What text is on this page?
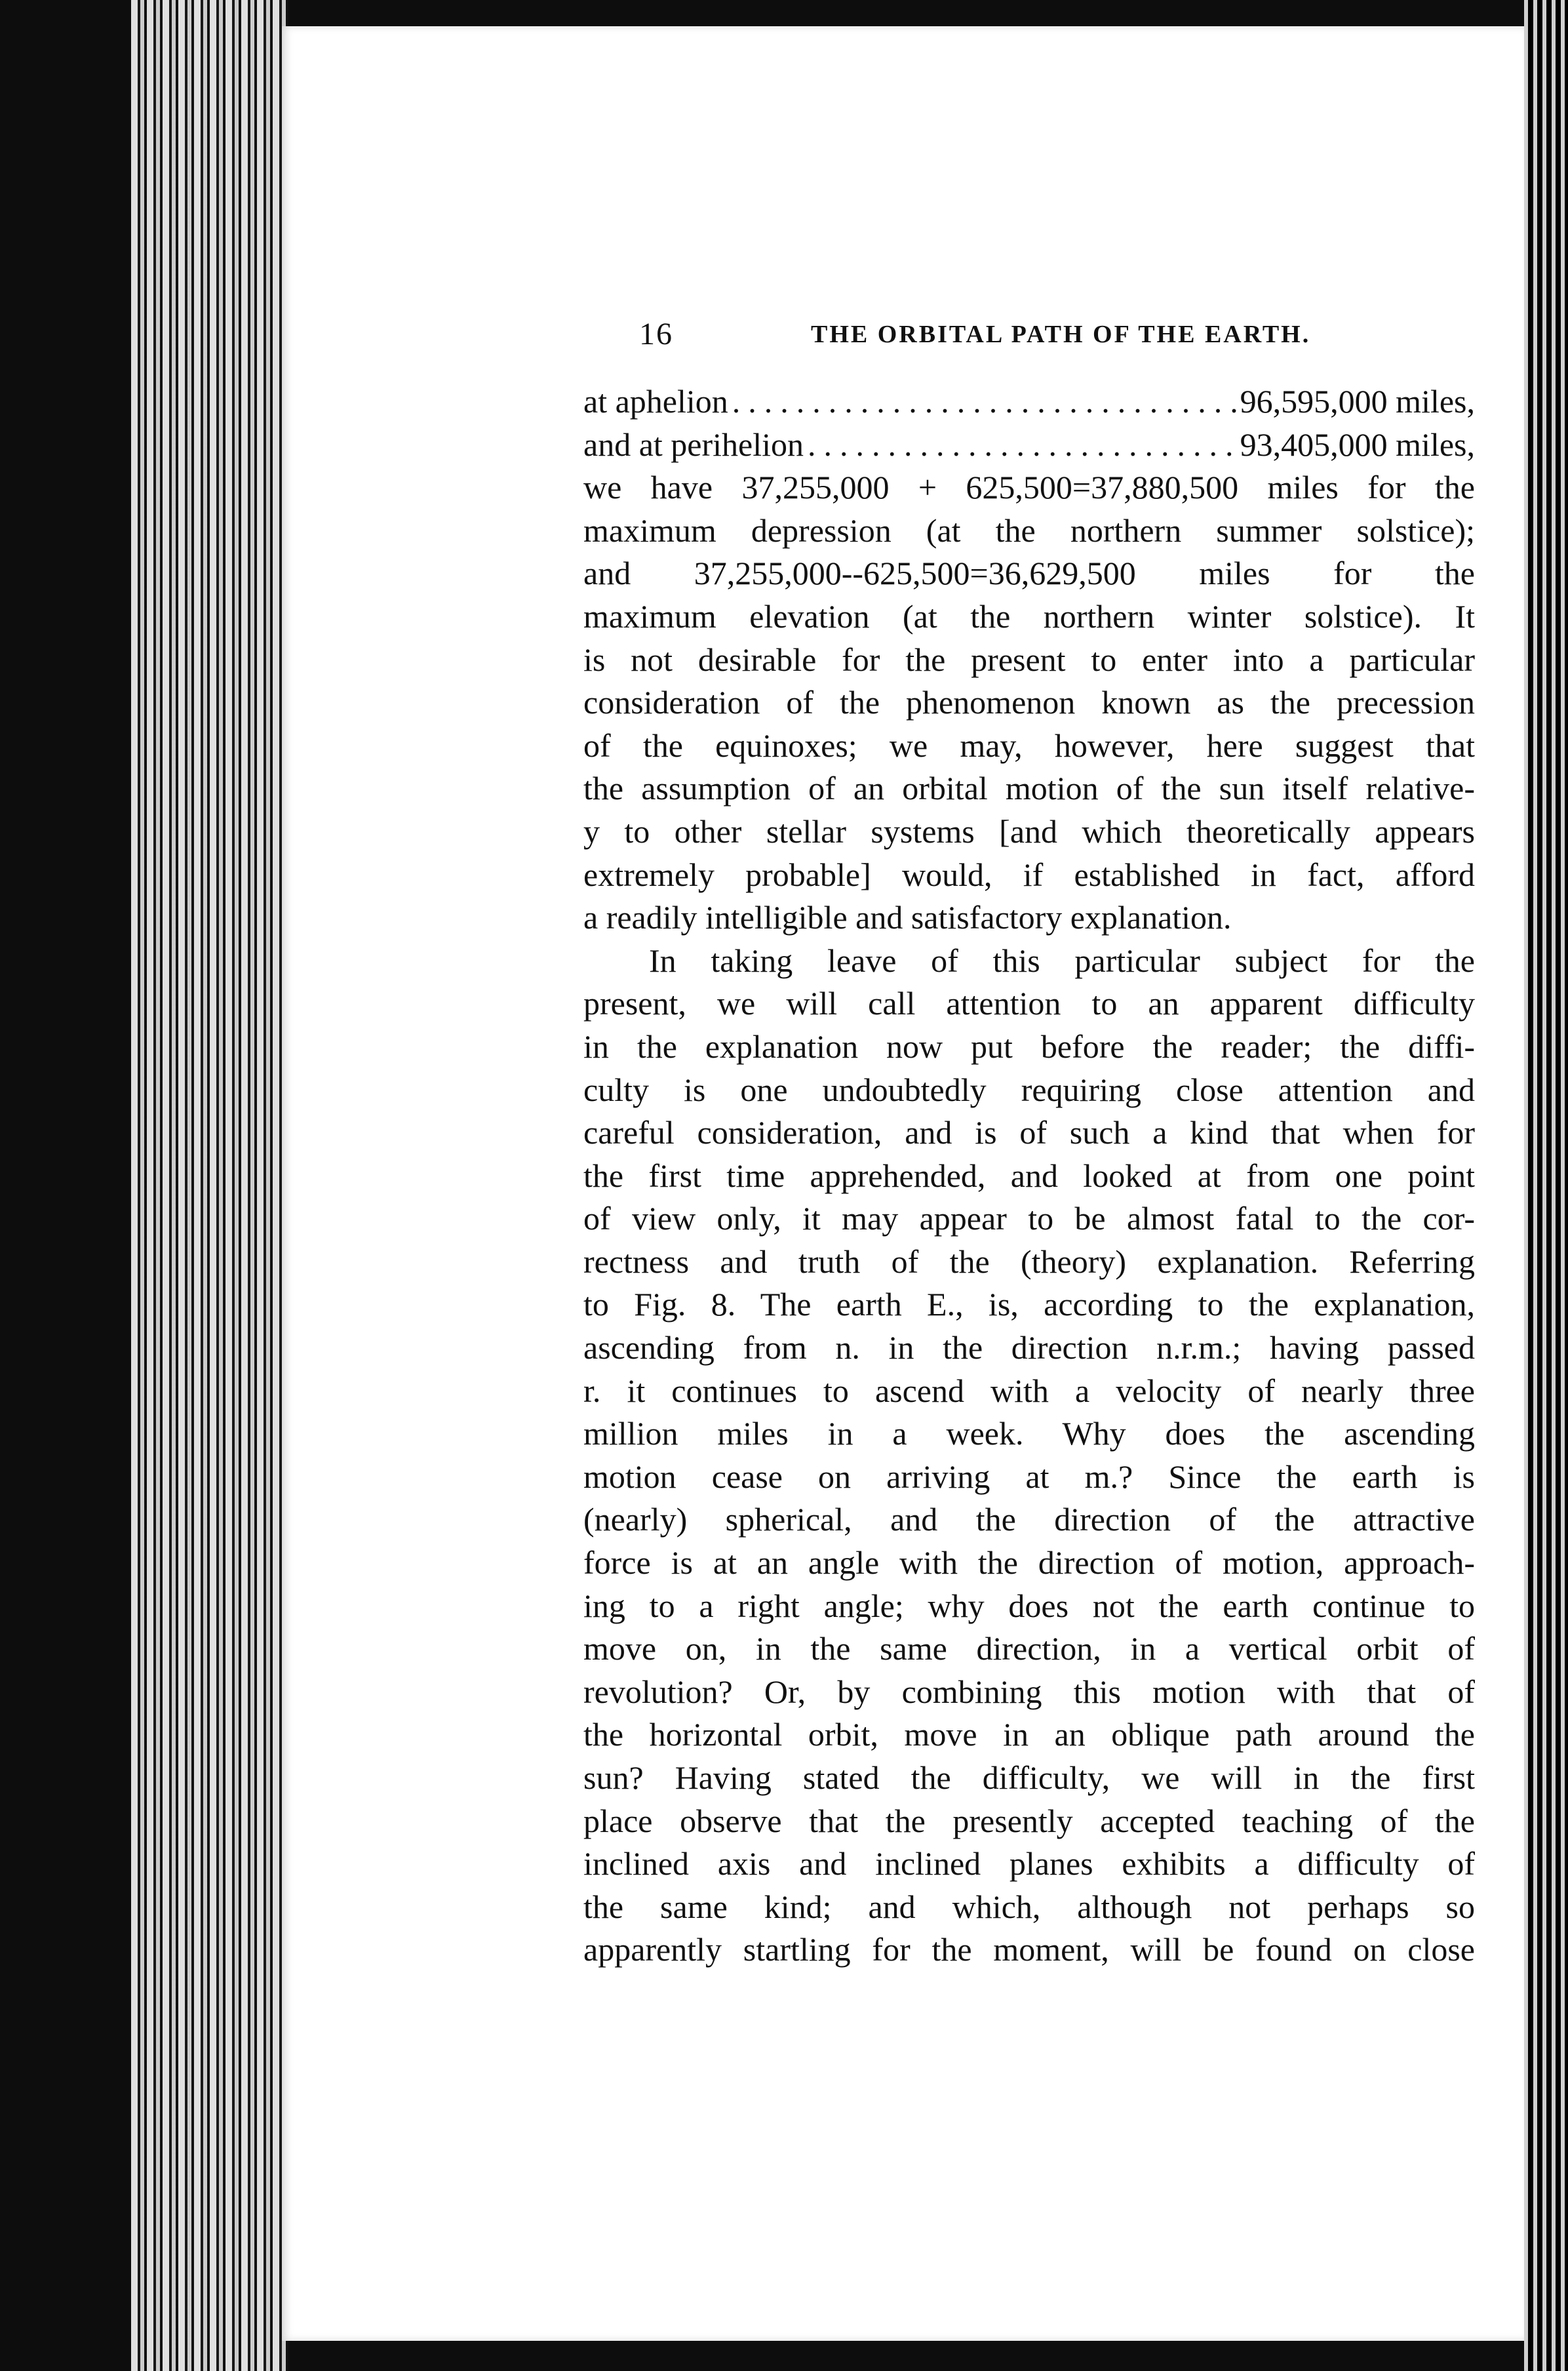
16	THE ORBITAL PATH OF THE EARTH.
at aphelion .....	96,595,000 miles,
and at perihelion .....	93,405,000 miles,
we have 37,255,000 + 625,500=37,880,500 miles for the
maximum depression (at the northern summer solstice);
and 37,255,000--625,500=36,629,500 miles for the
maximum elevation (at the northern winter solstice). It
is not desirable for the present to enter into a particular
consideration of the phenomenon known as the precession
of the equinoxes; we may, however, here suggest that
the assumption of an orbital motion of the sun itself relative-
y to other stellar systems [and which theoretically appears
extremely probable] would, if established in fact, afford
a readily intelligible and satisfactory explanation.
In taking leave of this particular subject for the
present, we will call attention to an apparent difficulty
in the explanation now put before the reader; the diffi-
culty is one undoubtedly requiring close attention and
careful consideration, and is of such a kind that when for
the first time apprehended, and looked at from one point
of view only, it may appear to be almost fatal to the cor-
rectness and truth of the (theory) explanation. Referring
to Fig. 8. The earth E., is, according to the explanation,
ascending from n. in the direction n.r.m.; having passed
r. it continues to ascend with a velocity of nearly three
million miles in a week. Why does the ascending
motion cease on arriving at m.? Since the earth is
(nearly) spherical, and the direction of the attractive
force is at an angle with the direction of motion, approach-
ing to a right angle; why does not the earth continue to
move on, in the same direction, in a vertical orbit of
revolution? Or, by combining this motion with that of
the horizontal orbit, move in an oblique path around the
sun? Having stated the difficulty, we will in the first
place observe that the presently accepted teaching of the
inclined axis and inclined planes exhibits a difficulty of
the same kind; and which, although not perhaps so
apparently startling for the moment, will be found on close
